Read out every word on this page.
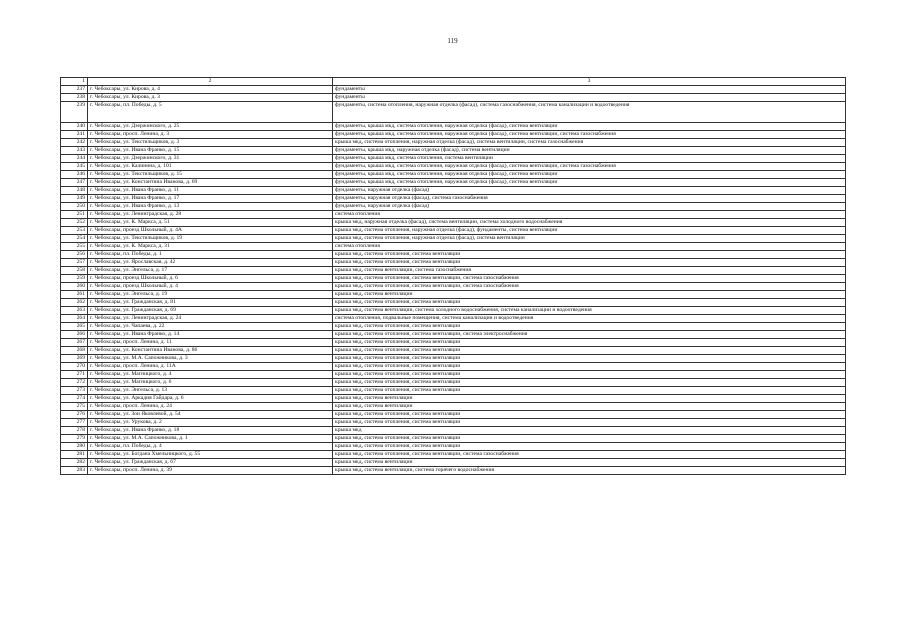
119
1	2	3
237	г. Чебоксары, ул. Кирова, д. 4	фундаменты
238	г. Чебоксары, ул. Кирова, д. 3	фундаменты
239	г. Чебоксары, пл. Победы, д. 5	фундаменты, система отопления, наружная отделка (фасад), система газоснабжения, система канализации и водоотведения
240	г. Чебоксары, ул. Дзержинского, д. 25	фундаменты, крыша мкд, система отопления, наружная отделка (фасад), система вентиляции
241	г. Чебоксары, просп. Ленина, д. 3	фундаменты, крыша мкд, система отопления, наружная отделка (фасад), система вентиляции, система газоснабжения
242	г. Чебоксары, ул. Текстильщиков, д. 3	крыша мкд, система отопления, наружная отделка (фасад), система вентиляции, система газоснабжения
243	г. Чебоксары, ул. Ивана Франко, д. 15	фундаменты, крыша мкд, наружная отделка (фасад), система вентиляции
244	г. Чебоксары, ул. Дзержинского, д. 31	фундаменты, крыша мкд, система отопления, система вентиляции
245	г. Чебоксары, ул. Калинина, д. 101	фундаменты, крыша мкд, система отопления, наружная отделка (фасад), система вентиляции, система газоснабжения
246	г. Чебоксары, ул. Текстильщиков, д. 15	фундаменты, крыша мкд, система отопления, наружная отделка (фасад), система вентиляции
247	г. Чебоксары, ул. Константина Иванова, д. 69	фундаменты, крыша мкд, система отопления, наружная отделка (фасад), система вентиляции
248	г. Чебоксары, ул. Ивана Франко, д. 11	фундаменты, наружная отделка (фасад)
249	г. Чебоксары, ул. Ивана Франко, д. 17	фундаменты, наружная отделка (фасад), система газоснабжения
250	г. Чебоксары, ул. Ивана Франко, д. 13	фундаменты, наружная отделка (фасад)
251	г. Чебоксары, ул. Ленинградская, д. 28	система отопления
252	г. Чебоксары, ул. К. Маркса, д. 51	крыша мкд, наружная отделка (фасад), система вентиляции, система холодного водоснабжения
253	г. Чебоксары, проезд Школьный, д. 4А	крыша мкд, система отопления, наружная отделка (фасад), фундаменты, система вентиляции
254	г. Чебоксары, ул. Текстильщиков, д. 19	крыша мкд, система отопления, наружная отделка (фасад), система вентиляции
255	г. Чебоксары, ул. К. Маркса, д. 31	система отопления
256	г. Чебоксары, пл. Победы, д. 1	крыша мкд, система отопления, система вентиляции
257	г. Чебоксары, ул. Ярославская, д. 42	крыша мкд, система отопления, система вентиляции
258	г. Чебоксары, ул. Энгельса, д. 17	крыша мкд, система вентиляции, система газоснабжения
259	г. Чебоксары, проезд Школьный, д. 6	крыша мкд, система отопления, система вентиляции, система газоснабжения
260	г. Чебоксары, проезд Школьный, д. 4	крыша мкд, система отопления, система вентиляции, система газоснабжения
261	г. Чебоксары, ул. Энгельса, д. 19	крыша мкд, система вентиляции
262	г. Чебоксары, ул. Гражданская, д. 81	крыша мкд, система отопления, система вентиляции
263	г. Чебоксары, ул. Гражданская, д. 69	крыша мкд, система вентиляции, система холодного водоснабжения, система канализации и водоотведения
264	г. Чебоксары, ул. Ленинградская, д. 24	система отопления, подвальные помещения, система канализации и водоотведения
265	г. Чебоксары, ул. Чапаева, д. 22	крыша мкд, система отопления, система вентиляции
266	г. Чебоксары, ул. Ивана Франко, д. 14	крыша мкд, система отопления, система вентиляции, система электроснабжения
267	г. Чебоксары, просп. Ленина, д. 11	крыша мкд, система отопления, система вентиляции
268	г. Чебоксары, ул. Константина Иванова, д. 86	крыша мкд, система отопления, система вентиляции
269	г. Чебоксары, ул. М.А. Сапожникова, д. 3	крыша мкд, система отопления, система вентиляции
270	г. Чебоксары, просп. Ленина, д. 11А	крыша мкд, система отопления, система вентиляции
271	г. Чебоксары, ул. Магницкого, д. 4	крыша мкд, система отопления, система вентиляции
272	г. Чебоксары, ул. Магницкого, д. 6	крыша мкд, система отопления, система вентиляции
273	г. Чебоксары, ул. Энгельса, д. 13	крыша мкд, система отопления, система вентиляции
274	г. Чебоксары, ул. Аркадия Гайдара, д. 6	крыша мкд, система вентиляции
275	г. Чебоксары, просп. Ленина, д. 24	крыша мкд, система вентиляции
276	г. Чебоксары, ул. Зои Яковлевой, д. 54	крыша мкд, система отопления, система вентиляции
277	г. Чебоксары, ул. Урукова, д. 2	крыша мкд, система отопления, система вентиляции
278	г. Чебоксары, ул. Ивана Франко, д. 18	крыша мкд
279	г. Чебоксары, ул. М.А. Сапожникова, д. 1	крыша мкд, система отопления, система вентиляции
280	г. Чебоксары, пл. Победы, д. 4	крыша мкд, система отопления, система вентиляции
281	г. Чебоксары, ул. Богдана Хмельницкого, д. 55	крыша мкд, система отопления, система вентиляции, система газоснабжения
282	г. Чебоксары, ул. Гражданская, д. 67	крыша мкд, система вентиляции
283	г. Чебоксары, просп. Ленина, д. 39	крыша мкд, система вентиляции, система горячего водоснабжения
